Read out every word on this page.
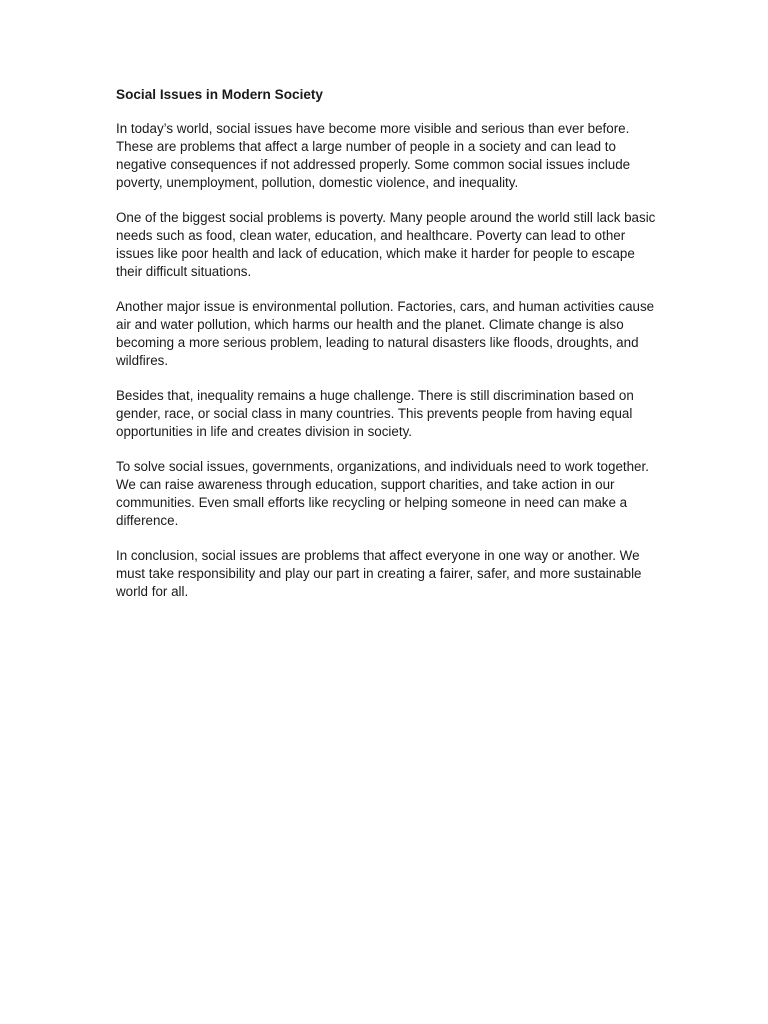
Social Issues in Modern Society

In today’s world, social issues have become more visible and serious than ever before. These are problems that affect a large number of people in a society and can lead to negative consequences if not addressed properly. Some common social issues include poverty, unemployment, pollution, domestic violence, and inequality.

One of the biggest social problems is poverty. Many people around the world still lack basic needs such as food, clean water, education, and healthcare. Poverty can lead to other issues like poor health and lack of education, which make it harder for people to escape their difficult situations.

Another major issue is environmental pollution. Factories, cars, and human activities cause air and water pollution, which harms our health and the planet. Climate change is also becoming a more serious problem, leading to natural disasters like floods, droughts, and wildfires.

Besides that, inequality remains a huge challenge. There is still discrimination based on gender, race, or social class in many countries. This prevents people from having equal opportunities in life and creates division in society.

To solve social issues, governments, organizations, and individuals need to work together. We can raise awareness through education, support charities, and take action in our communities. Even small efforts like recycling or helping someone in need can make a difference.

In conclusion, social issues are problems that affect everyone in one way or another. We must take responsibility and play our part in creating a fairer, safer, and more sustainable world for all.
